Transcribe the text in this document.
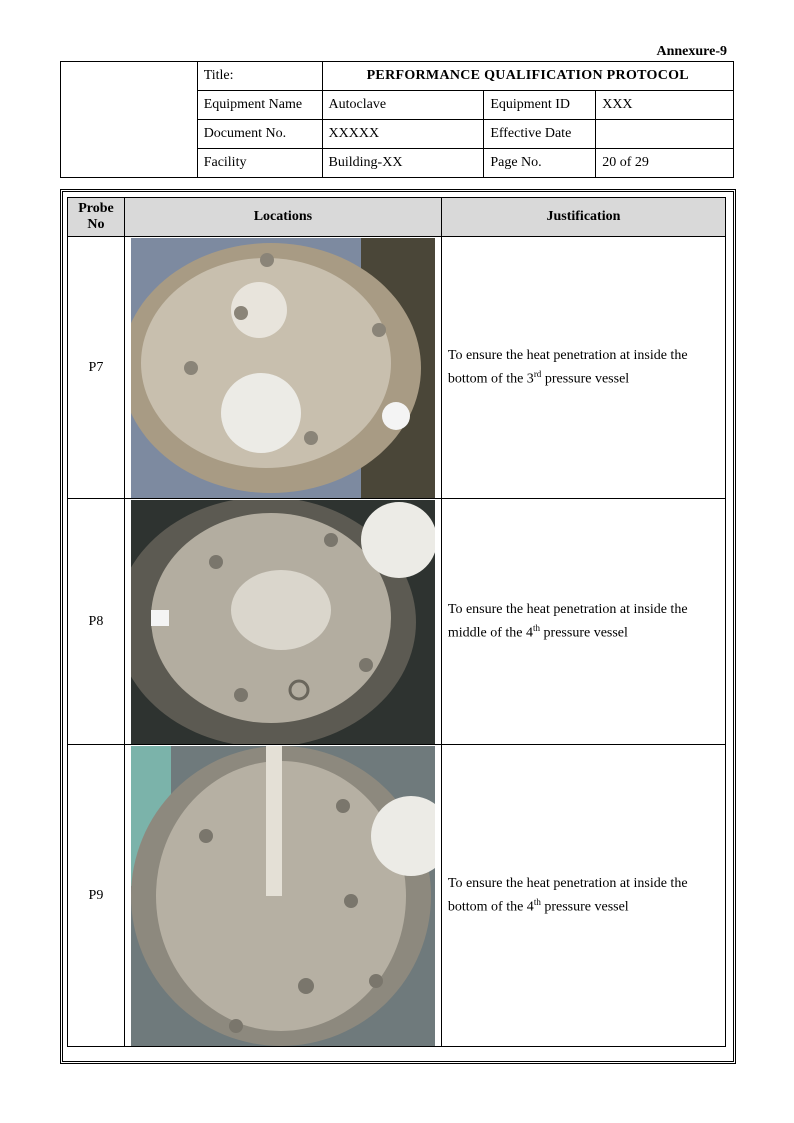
Annexure-9
	Title:	PERFORMANCE QUALIFICATION PROTOCOL		
	Equipment Name	Autoclave	Equipment ID	XXX
	Document No.	XXXXX	Effective Date	
	Facility	Building-XX	Page No.	20 of 29
Probe No	Locations	Justification
P7		To ensure the heat penetration at inside the bottom of the 3rd pressure vessel
P8		To ensure the heat penetration at inside the middle of the 4th pressure vessel
P9		To ensure the heat penetration at inside the bottom of the 4th pressure vessel
